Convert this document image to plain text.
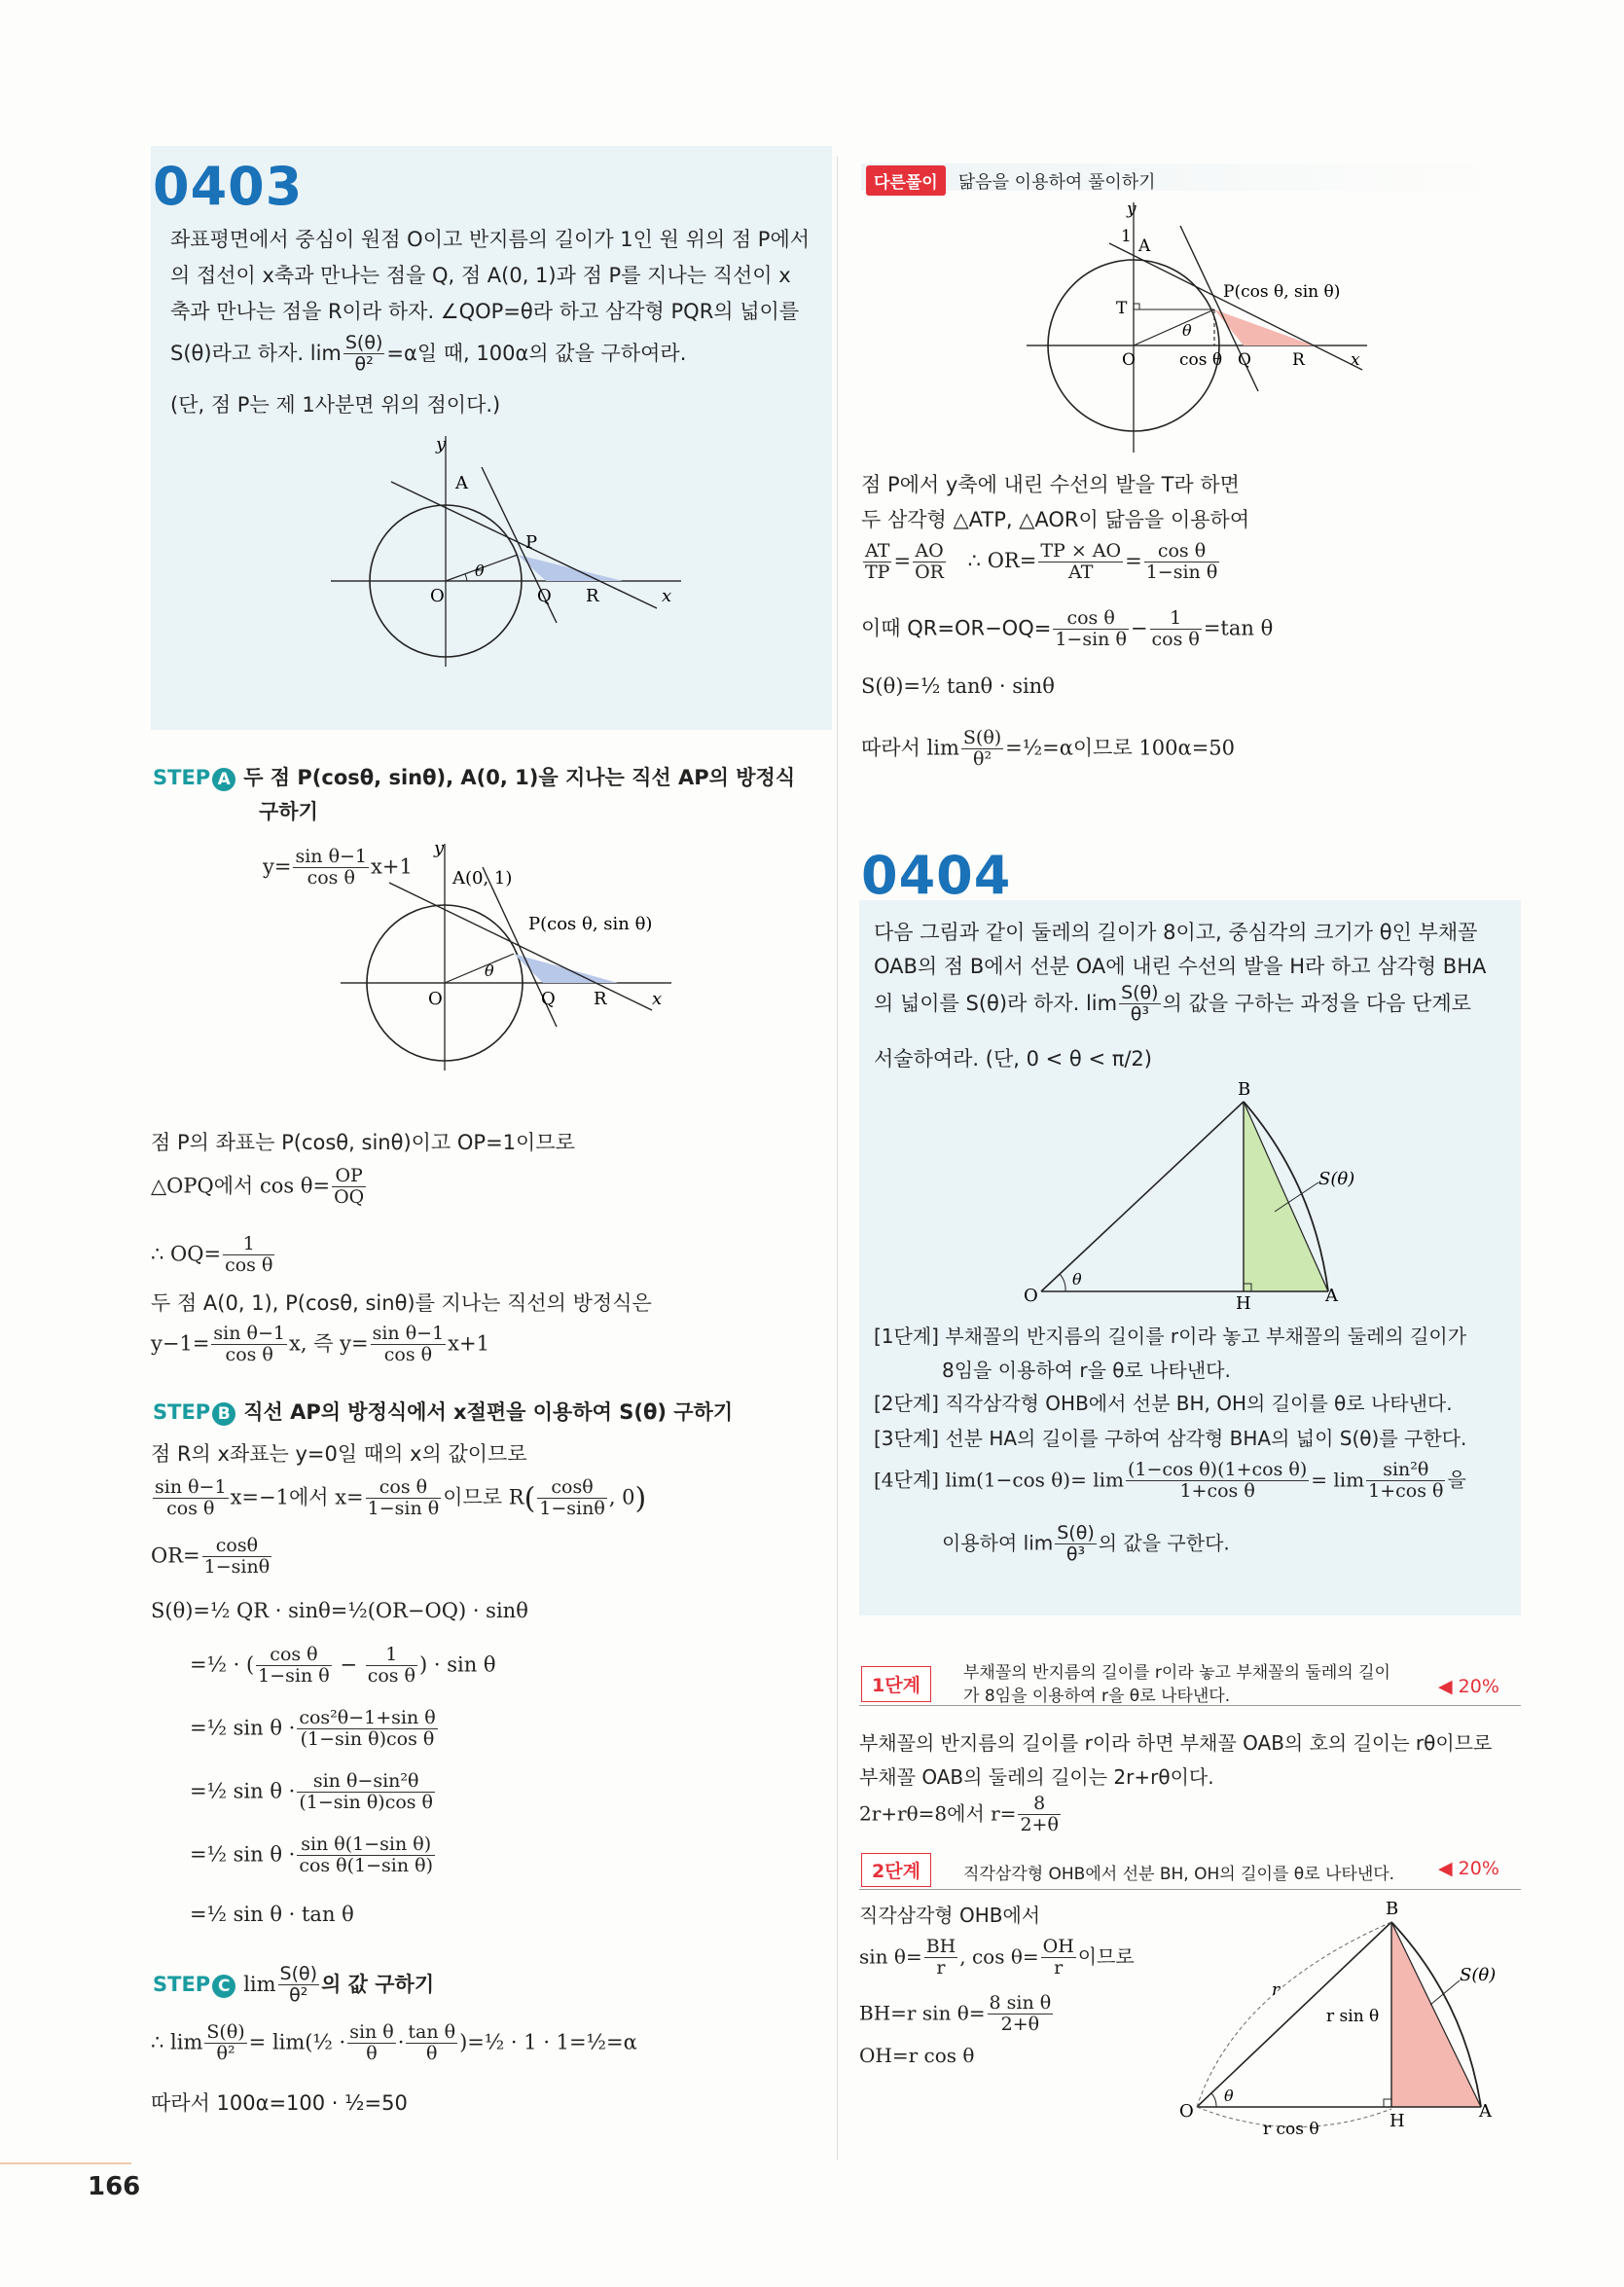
0403
좌표평면에서 중심이 원점 O이고 반지름의 길이가 1인 원 위의 점 P에서
의 접선이 x축과 만나는 점을 Q, 점 A(0, 1)과 점 P를 지나는 직선이 x
축과 만나는 점을 R이라 하자. ∠QOP=θ라 하고 삼각형 PQR의 넓이를
S(θ)라고 하자. $\lim \frac{S(\theta)}{\text{θ²}} =\alpha$일 때, 100α의 값을 구하여라.
(단, 점 P는 제 1사분면 위의 점이다.)
y
x
O
A
P
Q R
θ
STEP A 두 점 P(cosθ, sinθ), A(0, 1)을 지나는 직선 AP의 방정식
구하기
y
x
O
A(0, 1)
P(cos θ, sin θ)
Q R
θ
$y= \frac{\text{sin θ−1}}{\text{cos θ}} x+1$
점 P의 좌표는 P(cosθ, sinθ)이고 OP=1이므로
△OPQ에서 $\cos \theta= \frac{OP}{OQ}$
∴ $OQ= \frac{1}{\text{cos θ}}$
두 점 A(0, 1), P(cosθ, sinθ)를 지나는 직선의 방정식은
$y-1= \frac{\text{sin θ−1}}{\text{cos θ}} x$, 즉 $y= \frac{\text{sin θ−1}}{\text{cos θ}} x+1$
STEP B 직선 AP의 방정식에서 x절편을 이용하여 S(θ) 구하기
점 R의 x좌표는 y=0일 때의 x의 값이므로
$\frac{\text{sin θ−1}}{\text{cos θ}} x=-1$에서 $x= \frac{\text{cos θ}}{\text{1−sin θ}}$ 이므로 $R( \frac{\cos\theta}{1-\sin\theta}$ , 0)
$OR= \frac{\cos\theta}{1-\sin\theta}$
S(θ)=½ QR · sinθ=½(OR−OQ) · sinθ
=½ · ( $\frac{\text{cos θ}}{\text{1−sin θ}} - \frac{1}{\text{cos θ}}$ ) · sin θ
=½ $\sin \theta \cdot \frac{\text{cos²θ−1+sin θ}}{\text{(1−sin θ)cos θ}}$
=½ $\sin \theta \cdot \frac{\text{sin θ−sin²θ}}{\text{(1−sin θ)cos θ}}$
=½ $\sin \theta \cdot \frac{\text{sin θ(1−sin θ)}}{\text{cos θ(1−sin θ)}}$
=½ sin θ · tan θ
STEP C $\lim \frac{S(\theta)}{\text{θ²}}$ 의 값 구하기
∴ $\lim \frac{S(\theta)}{\text{θ²}}$ = lim(½ · $\frac{\text{sin θ}}{\theta} \cdot \frac{\text{tan θ}}{\theta}$ )=½ · 1 · 1=½=α
따라서 100α=100 · ½=50
다른풀이 닮음을 이용하여 풀이하기
y
x
1 A
T
P(cos θ, sin θ)
O	cos θ Q R
θ
점 P에서 y축에 내린 수선의 발을 T라 하면
두 삼각형 △ATP, △AOR이 닮음을 이용하여
$\frac{AT}{TP} = \frac{AO}{OR}$ ∴ $OR= \frac{TP \times AO}{AT} = \frac{\text{cos θ}}{\text{1−sin θ}}$
이때 $QR=OR-OQ= \frac{\text{cos θ}}{\text{1−sin θ}} - \frac{1}{\text{cos θ}} =\tan$ θ
S(θ)=½ tanθ · sinθ
따라서 $\lim \frac{S(\theta)}{\text{θ²}}$ =½=α이므로 100α=50
0404
다음 그림과 같이 둘레의 길이가 8이고, 중심각의 크기가 θ인 부채꼴
OAB의 점 B에서 선분 OA에 내린 수선의 발을 H라 하고 삼각형 BHA
의 넓이를 S(θ)라 하자. $\lim \frac{S(\theta)}{\text{θ³}}$ 의 값을 구하는 과정을 다음 단계로
서술하여라. (단, 0 < θ < π/2)
B
O	H	A
S(θ)
θ
[1단계] 부채꼴의 반지름의 길이를 r이라 놓고 부채꼴의 둘레의 길이가
8임을 이용하여 r을 θ로 나타낸다.
[2단계] 직각삼각형 OHB에서 선분 BH, OH의 길이를 θ로 나타낸다.
[3단계] 선분 HA의 길이를 구하여 삼각형 BHA의 넓이 S(θ)를 구한다.
[4단계] lim(1−cos $\theta)= \lim \frac{\text{(1−cos θ)(1+cos θ)}}{\text{1+cos θ}} = \lim \frac{\text{sin²θ}}{\text{1+cos θ}}$ 을
이용하여 $\lim \frac{S(\theta)}{\text{θ³}}$ 의 값을 구한다.
1단계
부채꼴의 반지름의 길이를 r이라 놓고 부채꼴의 둘레의 길이
가 8임을 이용하여 r을 θ로 나타낸다.	◀ 20%
부채꼴의 반지름의 길이를 r이라 하면 부채꼴 OAB의 호의 길이는 rθ이므로
부채꼴 OAB의 둘레의 길이는 2r+rθ이다.
2r+rθ=8에서 $r= \frac{8}{2+\theta}$
2단계	직각삼각형 OHB에서 선분 BH, OH의 길이를 θ로 나타낸다. ◀ 20%
직각삼각형 OHB에서
$\sin \theta= \frac{BH}{r}$ , $\cos \theta= \frac{OH}{r}$ 이므로
BH=r $\sin \theta= \frac{\text{8 sin θ}}{2+\theta}$
OH=r cos θ
B
O	H	A
r
r sin θ
r cos θ
S(θ)
θ
166
